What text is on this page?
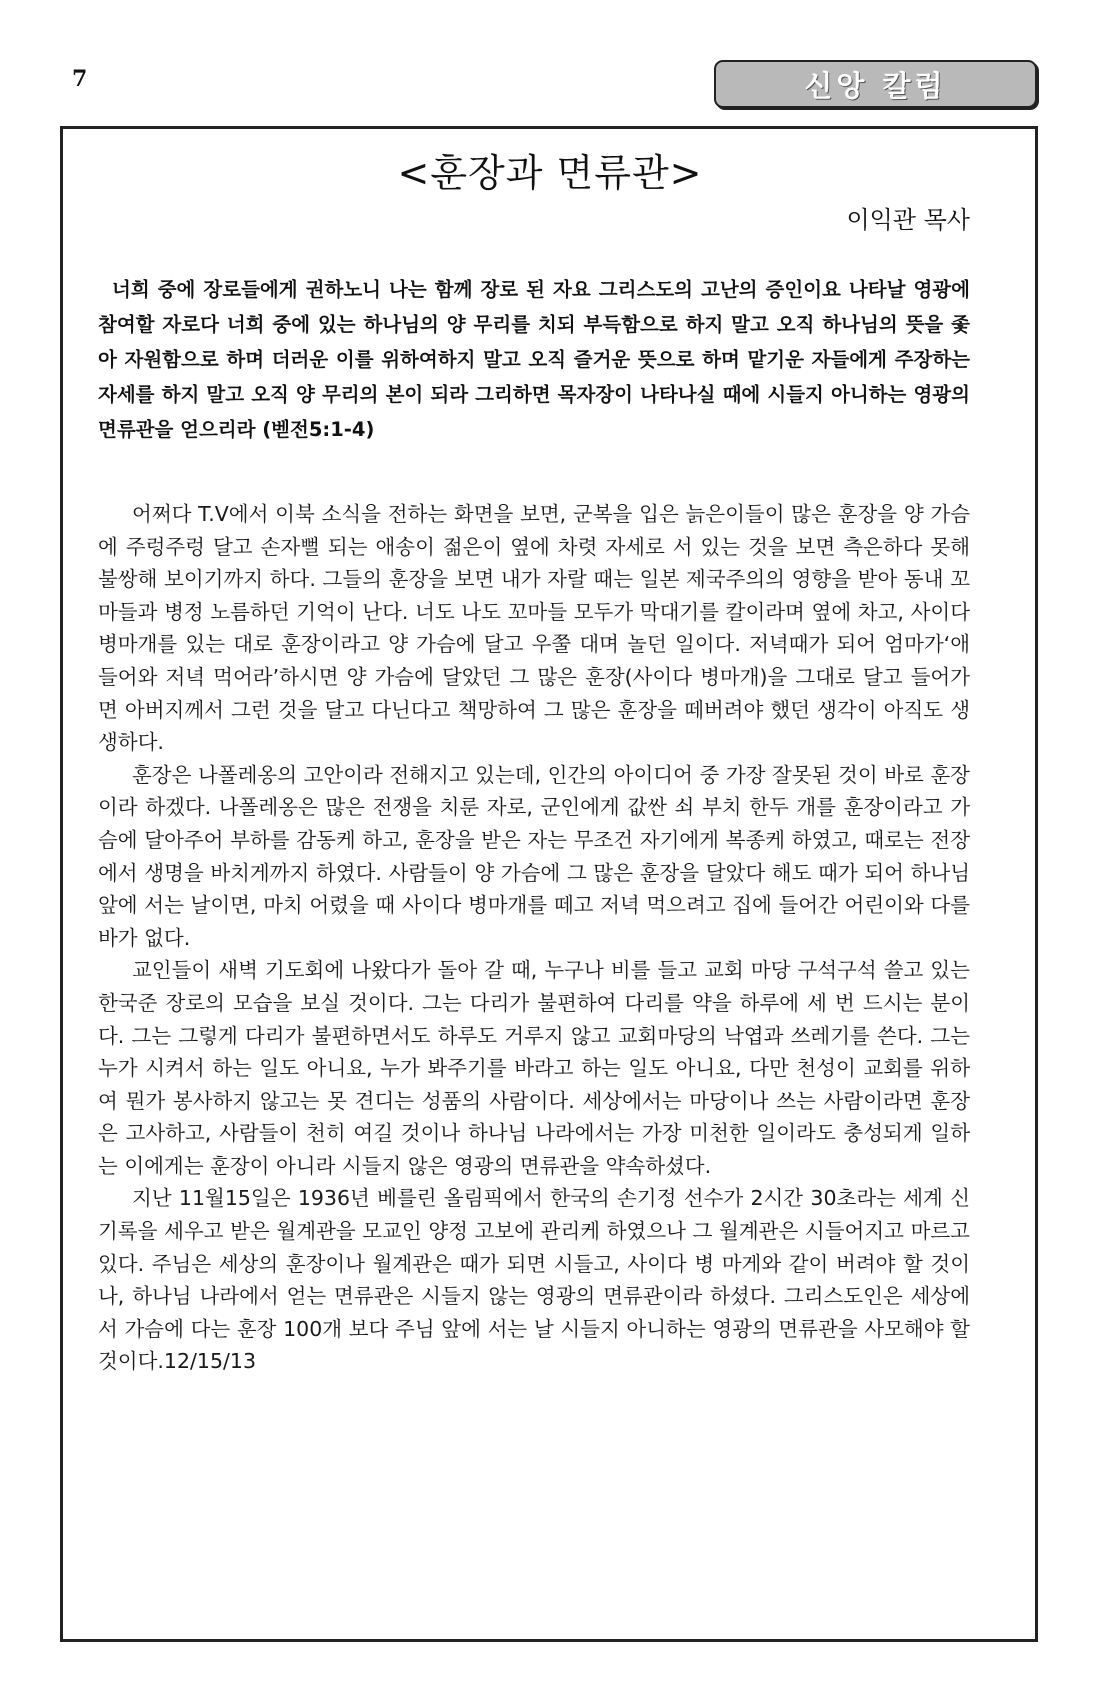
7	신앙 칼럼
<훈장과 면류관>
이익관 목사

너희 중에 장로들에게 권하노니 나는 함께 장로 된 자요 그리스도의 고난의 증인이요 나타날 영광에 참여할 자로다 너희 중에 있는 하나님의 양 무리를 치되 부득함으로 하지 말고 오직 하나님의 뜻을 좇아 자원함으로 하며 더러운 이를 위하여하지 말고 오직 즐거운 뜻으로 하며 맡기운 자들에게 주장하는 자세를 하지 말고 오직 양 무리의 본이 되라 그리하면 목자장이 나타나실 때에 시들지 아니하는 영광의 면류관을 얻으리라 (벧전5:1-4)

어쩌다 T.V에서 이북 소식을 전하는 화면을 보면, 군복을 입은 늙은이들이 많은 훈장을 양 가슴에 주렁주렁 달고 손자뻘 되는 애송이 젊은이 옆에 차렷 자세로 서 있는 것을 보면 측은하다 못해 불쌍해 보이기까지 하다. 그들의 훈장을 보면 내가 자랄 때는 일본 제국주의의 영향을 받아 동내 꼬마들과 병정 노름하던 기억이 난다. 너도 나도 꼬마들 모두가 막대기를 칼이라며 옆에 차고, 사이다 병마개를 있는 대로 훈장이라고 양 가슴에 달고 우쭐 대며 놀던 일이다. 저녁때가 되어 엄마가‘애 들어와 저녁 먹어라’하시면 양 가슴에 달았던 그 많은 훈장(사이다 병마개)을 그대로 달고 들어가면 아버지께서 그런 것을 달고 다닌다고 책망하여 그 많은 훈장을 떼버려야 했던 생각이 아직도 생생하다.

훈장은 나폴레옹의 고안이라 전해지고 있는데, 인간의 아이디어 중 가장 잘못된 것이 바로 훈장이라 하겠다. 나폴레옹은 많은 전쟁을 치룬 자로, 군인에게 값싼 쇠 부치 한두 개를 훈장이라고 가슴에 달아주어 부하를 감동케 하고, 훈장을 받은 자는 무조건 자기에게 복종케 하였고, 때로는 전장에서 생명을 바치게까지 하였다. 사람들이 양 가슴에 그 많은 훈장을 달았다 해도 때가 되어 하나님 앞에 서는 날이면, 마치 어렸을 때 사이다 병마개를 떼고 저녁 먹으려고 집에 들어간 어린이와 다를 바가 없다.

교인들이 새벽 기도회에 나왔다가 돌아 갈 때, 누구나 비를 들고 교회 마당 구석구석 쓸고 있는 한국준 장로의 모습을 보실 것이다. 그는 다리가 불편하여 다리를 약을 하루에 세 번 드시는 분이다. 그는 그렇게 다리가 불편하면서도 하루도 거루지 않고 교회마당의 낙엽과 쓰레기를 쓴다. 그는 누가 시켜서 하는 일도 아니요, 누가 봐주기를 바라고 하는 일도 아니요, 다만 천성이 교회를 위하여 뭔가 봉사하지 않고는 못 견디는 성품의 사람이다. 세상에서는 마당이나 쓰는 사람이라면 훈장은 고사하고, 사람들이 천히 여길 것이나 하나님 나라에서는 가장 미천한 일이라도 충성되게 일하는 이에게는 훈장이 아니라 시들지 않은 영광의 면류관을 약속하셨다.

지난 11월15일은 1936년 베를린 올림픽에서 한국의 손기정 선수가 2시간 30초라는 세계 신기록을 세우고 받은 월계관을 모교인 양정 고보에 관리케 하였으나 그 월계관은 시들어지고 마르고 있다. 주님은 세상의 훈장이나 월계관은 때가 되면 시들고, 사이다 병 마게와 같이 버려야 할 것이나, 하나님 나라에서 얻는 면류관은 시들지 않는 영광의 면류관이라 하셨다. 그리스도인은 세상에서 가슴에 다는 훈장 100개 보다 주님 앞에 서는 날 시들지 아니하는 영광의 면류관을 사모해야 할 것이다.12/15/13
